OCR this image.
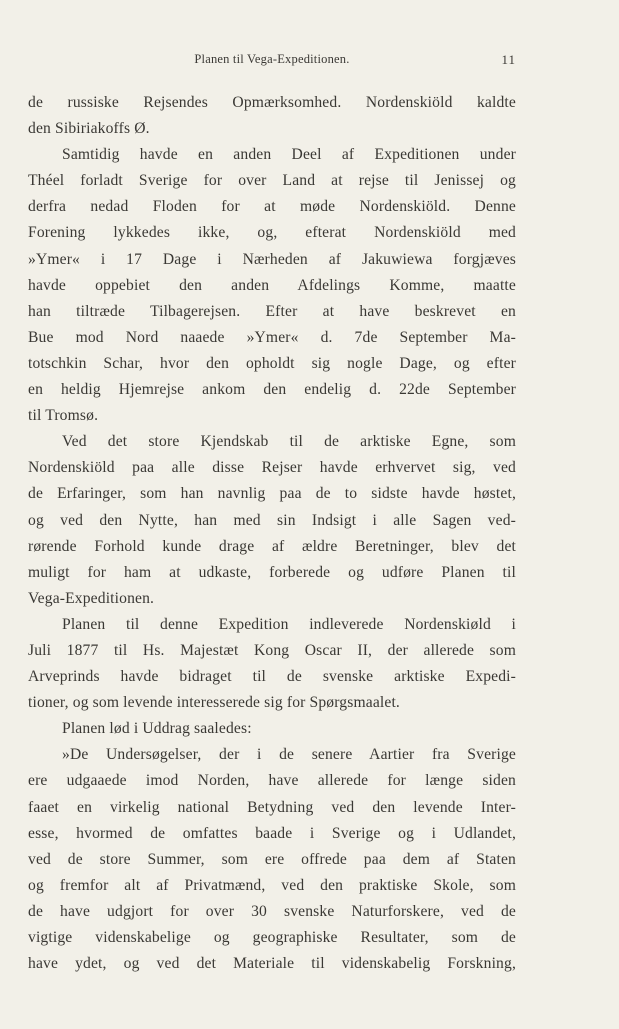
Planen til Vega-Expeditionen.	11
de russiske Rejsendes Opmærksomhed. Nordenskiöld kaldte
den Sibiriakoffs Ø.
Samtidig havde en anden Deel af Expeditionen under
Théel forladt Sverige for over Land at rejse til Jenissej og
derfra nedad Floden for at møde Nordenskiöld. Denne
Forening lykkedes ikke, og, efterat Nordenskiöld med
»Ymer« i 17 Dage i Nærheden af Jakuwiewa forgjæves
havde oppebiet den anden Afdelings Komme, maatte
han tiltræde Tilbagerejsen. Efter at have beskrevet en
Bue mod Nord naaede »Ymer« d. 7de September Ma-
totschkin Schar, hvor den opholdt sig nogle Dage, og efter
en heldig Hjemrejse ankom den endelig d. 22de September
til Tromsø.
Ved det store Kjendskab til de arktiske Egne, som
Nordenskiöld paa alle disse Rejser havde erhvervet sig, ved
de Erfaringer, som han navnlig paa de to sidste havde høstet,
og ved den Nytte, han med sin Indsigt i alle Sagen ved-
rørende Forhold kunde drage af ældre Beretninger, blev det
muligt for ham at udkaste, forberede og udføre Planen til
Vega-Expeditionen.
Planen til denne Expedition indleverede Nordenskiøld i
Juli 1877 til Hs. Majestæt Kong Oscar II, der allerede som
Arveprinds havde bidraget til de svenske arktiske Expedi-
tioner, og som levende interesserede sig for Spørgsmaalet.
Planen lød i Uddrag saaledes:
»De Undersøgelser, der i de senere Aartier fra Sverige
ere udgaaede imod Norden, have allerede for længe siden
faaet en virkelig national Betydning ved den levende Inter-
esse, hvormed de omfattes baade i Sverige og i Udlandet,
ved de store Summer, som ere offrede paa dem af Staten
og fremfor alt af Privatmænd, ved den praktiske Skole, som
de have udgjort for over 30 svenske Naturforskere, ved de
vigtige videnskabelige og geographiske Resultater, som de
have ydet, og ved det Materiale til videnskabelig Forskning,
